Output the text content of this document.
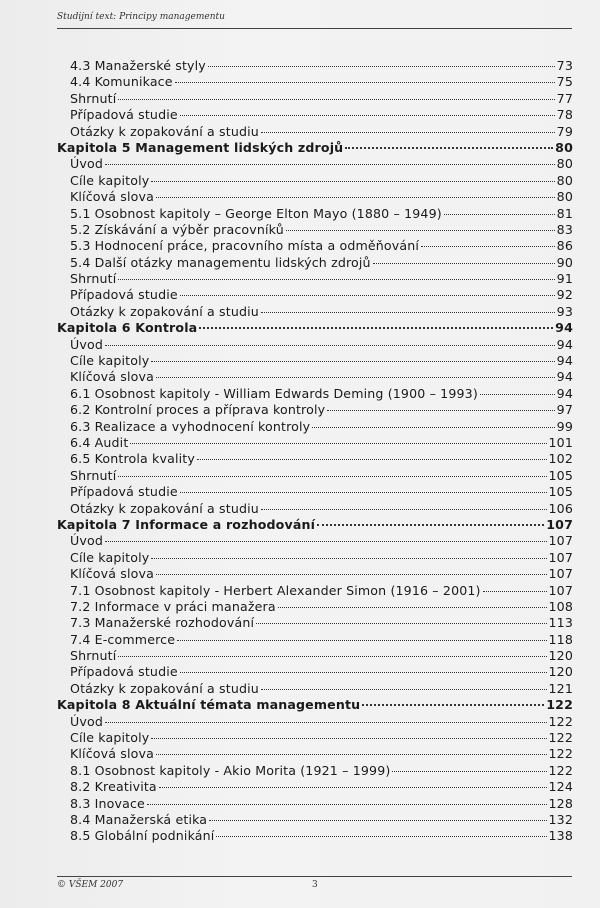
Studijní text: Principy managementu
4.3 Manažerské styly	73
4.4 Komunikace	75
Shrnutí	77
Případová studie	78
Otázky k zopakování a studiu	79
Kapitola 5 Management lidských zdrojů	80
Úvod	80
Cíle kapitoly	80
Klíčová slova	80
5.1 Osobnost kapitoly – George Elton Mayo (1880 – 1949)	81
5.2 Získávání a výběr pracovníků	83
5.3 Hodnocení práce, pracovního místa a odměňování	86
5.4 Další otázky managementu lidských zdrojů	90
Shrnutí	91
Případová studie	92
Otázky k zopakování a studiu	93
Kapitola 6 Kontrola	94
Úvod	94
Cíle kapitoly	94
Klíčová slova	94
6.1 Osobnost kapitoly - William Edwards Deming (1900 – 1993)	94
6.2 Kontrolní proces a příprava kontroly	97
6.3 Realizace a vyhodnocení kontroly	99
6.4 Audit	101
6.5 Kontrola kvality	102
Shrnutí	105
Případová studie	105
Otázky k zopakování a studiu	106
Kapitola 7 Informace a rozhodování	107
Úvod	107
Cíle kapitoly	107
Klíčová slova	107
7.1 Osobnost kapitoly - Herbert Alexander Simon (1916 – 2001)	107
7.2 Informace v práci manažera	108
7.3 Manažerské rozhodování	113
7.4 E-commerce	118
Shrnutí	120
Případová studie	120
Otázky k zopakování a studiu	121
Kapitola 8 Aktuální témata managementu	122
Úvod	122
Cíle kapitoly	122
Klíčová slova	122
8.1 Osobnost kapitoly - Akio Morita (1921 – 1999)	122
8.2 Kreativita	124
8.3 Inovace	128
8.4 Manažerská etika	132
8.5 Globální podnikání	138
© VŠEM 2007	3
